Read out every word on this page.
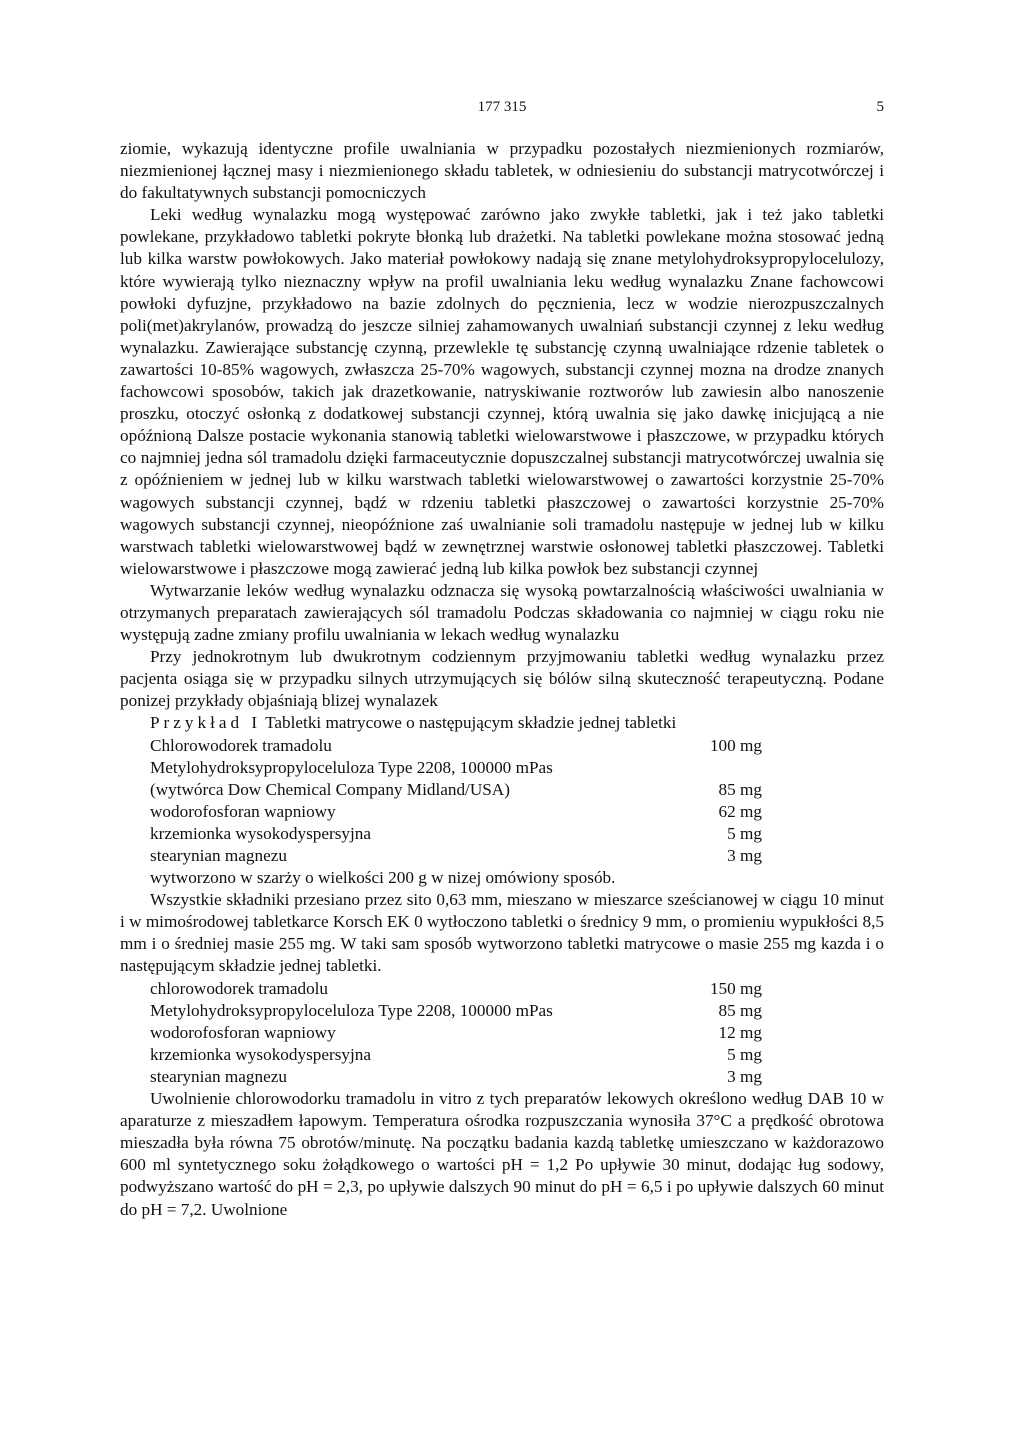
177 315	5

ziomie, wykazują identyczne profile uwalniania w przypadku pozostałych niezmienionych rozmiarów, niezmienionej łącznej masy i niezmienionego składu tabletek, w odniesieniu do substancji matrycotwórczej i do fakultatywnych substancji pomocniczych

Leki według wynalazku mogą występować zarówno jako zwykłe tabletki, jak i też jako tabletki powlekane, przykładowo tabletki pokryte błonką lub drażetki. Na tabletki powlekane można stosować jedną lub kilka warstw powłokowych. Jako materiał powłokowy nadają się znane metylohydroksypropylocelulozy, które wywierają tylko nieznaczny wpływ na profil uwalniania leku według wynalazku Znane fachowcowi powłoki dyfuzjne, przykładowo na bazie zdolnych do pęcznienia, lecz w wodzie nierozpuszczalnych poli(met)akrylanów, prowadzą do jeszcze silniej zahamowanych uwalniań substancji czynnej z leku według wynalazku. Zawierające substancję czynną, przewlekle tę substancję czynną uwalniające rdzenie tabletek o zawartości 10-85% wagowych, zwłaszcza 25-70% wagowych, substancji czynnej mozna na drodze znanych fachowcowi sposobów, takich jak drazetkowanie, natryskiwanie roztworów lub zawiesin albo nanoszenie proszku, otoczyć osłonką z dodatkowej substancji czynnej, którą uwalnia się jako dawkę inicjującą a nie opóźnioną Dalsze postacie wykonania stanowią tabletki wielowarstwowe i płaszczowe, w przypadku których co najmniej jedna sól tramadolu dzięki farmaceutycznie dopuszczalnej substancji matrycotwórczej uwalnia się z opóźnieniem w jednej lub w kilku warstwach tabletki wielowarstwowej o zawartości korzystnie 25-70% wagowych substancji czynnej, bądź w rdzeniu tabletki płaszczowej o zawartości korzystnie 25-70% wagowych substancji czynnej, nieopóźnione zaś uwalnianie soli tramadolu następuje w jednej lub w kilku warstwach tabletki wielowarstwowej bądź w zewnętrznej warstwie osłonowej tabletki płaszczowej. Tabletki wielowarstwowe i płaszczowe mogą zawierać jedną lub kilka powłok bez substancji czynnej

Wytwarzanie leków według wynalazku odznacza się wysoką powtarzalnością właściwości uwalniania w otrzymanych preparatach zawierających sól tramadolu Podczas składowania co najmniej w ciągu roku nie występują zadne zmiany profilu uwalniania w lekach według wynalazku

Przy jednokrotnym lub dwukrotnym codziennym przyjmowaniu tabletki według wynalazku przez pacjenta osiąga się w przypadku silnych utrzymujących się bólów silną skuteczność terapeutyczną. Podane ponizej przykłady objaśniają blizej wynalazek

Przykład I Tabletki matrycowe o następującym składzie jednej tabletki

Chlorowodorek tramadolu	100 mg
Metylohydroksypropyloceluloza Type 2208, 100000 mPas
(wytwórca Dow Chemical Company Midland/USA)	85 mg
wodorofosforan wapniowy	62 mg
krzemionka wysokodyspersyjna	5 mg
stearynian magnezu	3 mg

wytworzono w szarży o wielkości 200 g w nizej omówiony sposób.

Wszystkie składniki przesiano przez sito 0,63 mm, mieszano w mieszarce sześcianowej w ciągu 10 minut i w mimośrodowej tabletkarce Korsch EK 0 wytłoczono tabletki o średnicy 9 mm, o promieniu wypukłości 8,5 mm i o średniej masie 255 mg. W taki sam sposób wytworzono tabletki matrycowe o masie 255 mg kazda i o następującym składzie jednej tabletki.

chlorowodorek tramadolu	150 mg
Metylohydroksypropyloceluloza Type 2208, 100000 mPas	85 mg
wodorofosforan wapniowy	12 mg
krzemionka wysokodyspersyjna	5 mg
stearynian magnezu	3 mg

Uwolnienie chlorowodorku tramadolu in vitro z tych preparatów lekowych określono według DAB 10 w aparaturze z mieszadłem łapowym. Temperatura ośrodka rozpuszczania wynosiła 37°C a prędkość obrotowa mieszadła była równa 75 obrotów/minutę. Na początku badania kazdą tabletkę umieszczano w każdorazowo 600 ml syntetycznego soku żołądkowego o wartości pH = 1,2 Po upływie 30 minut, dodając ług sodowy, podwyższano wartość do pH = 2,3, po upływie dalszych 90 minut do pH = 6,5 i po upływie dalszych 60 minut do pH = 7,2. Uwolnione
